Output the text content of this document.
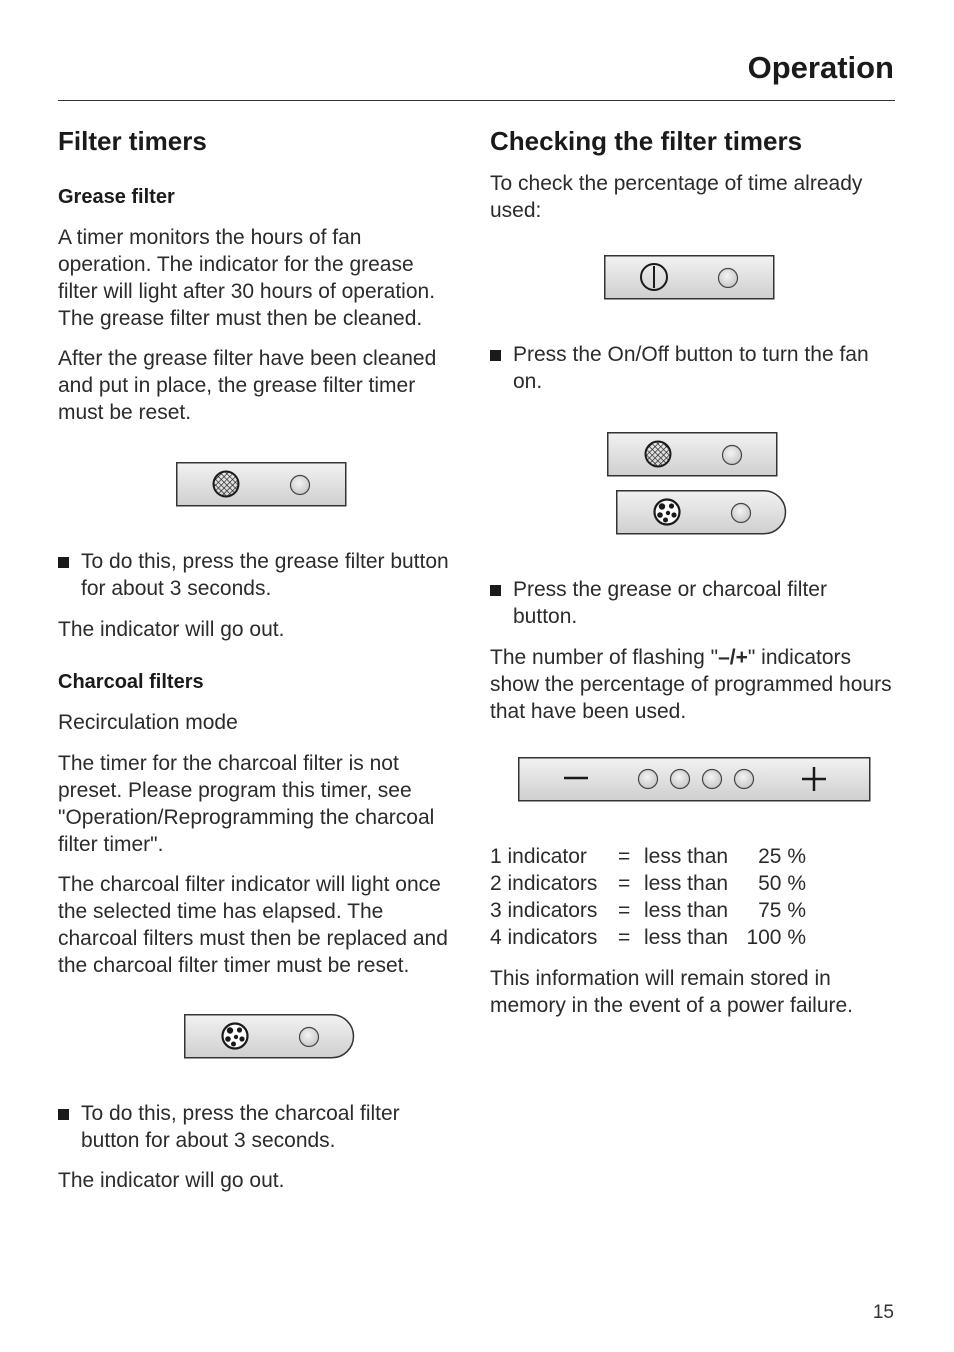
Operation
Filter timers
Grease filter

A timer monitors the hours of fan operation. The indicator for the grease filter will light after 30 hours of operation. The grease filter must then be cleaned.

After the grease filter have been cleaned and put in place, the grease filter timer must be reset.

To do this, press the grease filter button for about 3 seconds.

The indicator will go out.

Charcoal filters

Recirculation mode

The timer for the charcoal filter is not preset. Please program this timer, see "Operation/Reprogramming the charcoal filter timer".

The charcoal filter indicator will light once the selected time has elapsed. The charcoal filters must then be replaced and the charcoal filter timer must be reset.

To do this, press the charcoal filter button for about 3 seconds.

The indicator will go out.

Checking the filter timers

To check the percentage of time already used:

Press the On/Off button to turn the fan on.
Press the grease or charcoal filter button.

The number of flashing "–/+" indicators show the percentage of programmed hours that have been used.

1 indicator	=	less than	25 %
2 indicators	=	less than	50 %
3 indicators	=	less than	75 %
4 indicators	=	less than	100 %

This information will remain stored in memory in the event of a power failure.

15
